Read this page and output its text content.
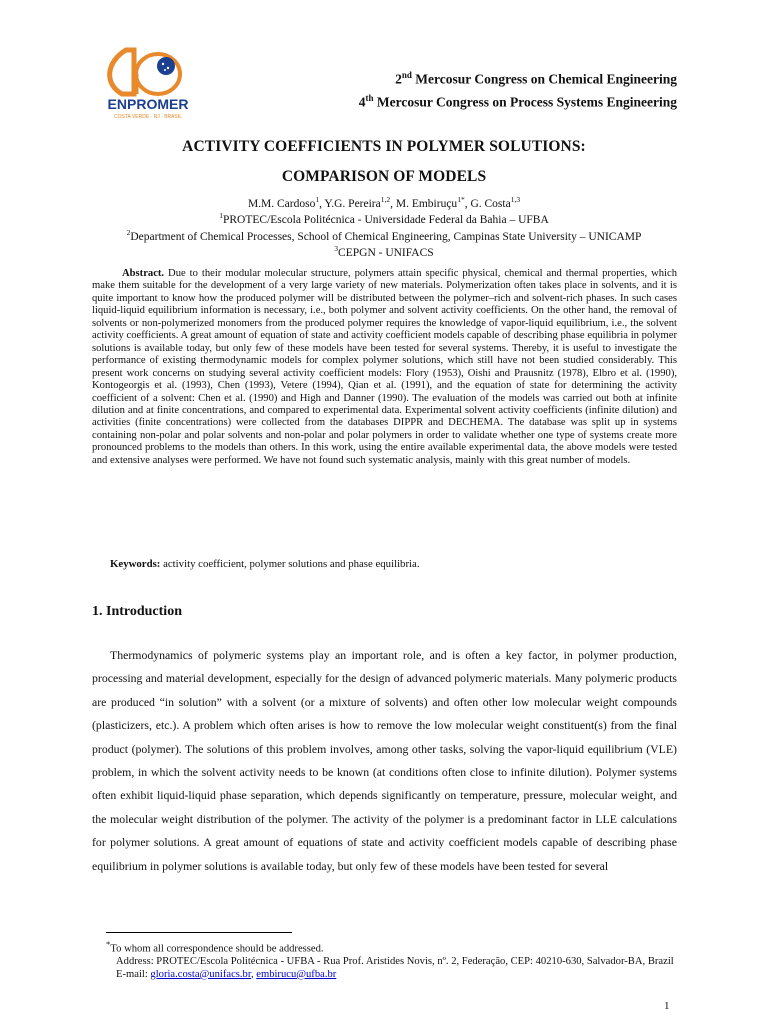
ENPROMER
COSTA VERDE · RJ · BRASIL
2nd Mercosur Congress on Chemical Engineering
4th Mercosur Congress on Process Systems Engineering
ACTIVITY COEFFICIENTS IN POLYMER SOLUTIONS:
COMPARISON OF MODELS
M.M. Cardoso$^1$, Y.G. Pereira$^{1,2}$, M. Embiruçu$^{1*}$, G. Costa$^{1,3}$
$^1$PROTEC/Escola Politécnica - Universidade Federal da Bahia – UFBA
$^2$Department of Chemical Processes, School of Chemical Engineering, Campinas State University – UNICAMP
$^3$CEPGN - UNIFACS

Abstract. Due to their modular molecular structure, polymers attain specific physical, chemical and thermal properties, which make them suitable for the development of a very large variety of new materials. Polymerization often takes place in solvents, and it is quite important to know how the produced polymer will be distributed between the polymer–rich and solvent-rich phases. In such cases liquid-liquid equilibrium information is necessary, i.e., both polymer and solvent activity coefficients. On the other hand, the removal of solvents or non-polymerized monomers from the produced polymer requires the knowledge of vapor-liquid equilibrium, i.e., the solvent activity coefficients. A great amount of equation of state and activity coefficient models capable of describing phase equilibria in polymer solutions is available today, but only few of these models have been tested for several systems. Thereby, it is useful to investigate the performance of existing thermodynamic models for complex polymer solutions, which still have not been studied considerably. This present work concerns on studying several activity coefficient models: Flory (1953), Oishi and Prausnitz (1978), Elbro et al. (1990), Kontogeorgis et al. (1993), Chen (1993), Vetere (1994), Qian et al. (1991), and the equation of state for determining the activity coefficient of a solvent: Chen et al. (1990) and High and Danner (1990). The evaluation of the models was carried out both at infinite dilution and at finite concentrations, and compared to experimental data. Experimental solvent activity coefficients (infinite dilution) and activities (finite concentrations) were collected from the databases DIPPR and DECHEMA. The database was split up in systems containing non-polar and polar solvents and non-polar and polar polymers in order to validate whether one type of systems create more pronounced problems to the models than others. In this work, using the entire available experimental data, the above models were tested and extensive analyses were performed. We have not found such systematic analysis, mainly with this great number of models.

Keywords: activity coefficient, polymer solutions and phase equilibria.

1. Introduction

Thermodynamics of polymeric systems play an important role, and is often a key factor, in polymer production, processing and material development, especially for the design of advanced polymeric materials. Many polymeric products are produced “in solution” with a solvent (or a mixture of solvents) and often other low molecular weight compounds (plasticizers, etc.). A problem which often arises is how to remove the low molecular weight constituent(s) from the final product (polymer). The solutions of this problem involves, among other tasks, solving the vapor-liquid equilibrium (VLE) problem, in which the solvent activity needs to be known (at conditions often close to infinite dilution). Polymer systems often exhibit liquid-liquid phase separation, which depends significantly on temperature, pressure, molecular weight, and the molecular weight distribution of the polymer. The activity of the polymer is a predominant factor in LLE calculations for polymer solutions. A great amount of equations of state and activity coefficient models capable of describing phase equilibrium in polymer solutions is available today, but only few of these models have been tested for several

*To whom all correspondence should be addressed.
Address: PROTEC/Escola Politécnica - UFBA - Rua Prof. Aristides Novis, nº. 2, Federação, CEP: 40210-630, Salvador-BA, Brazil
E-mail: gloria.costa@unifacs.br, embirucu@ufba.br
1
